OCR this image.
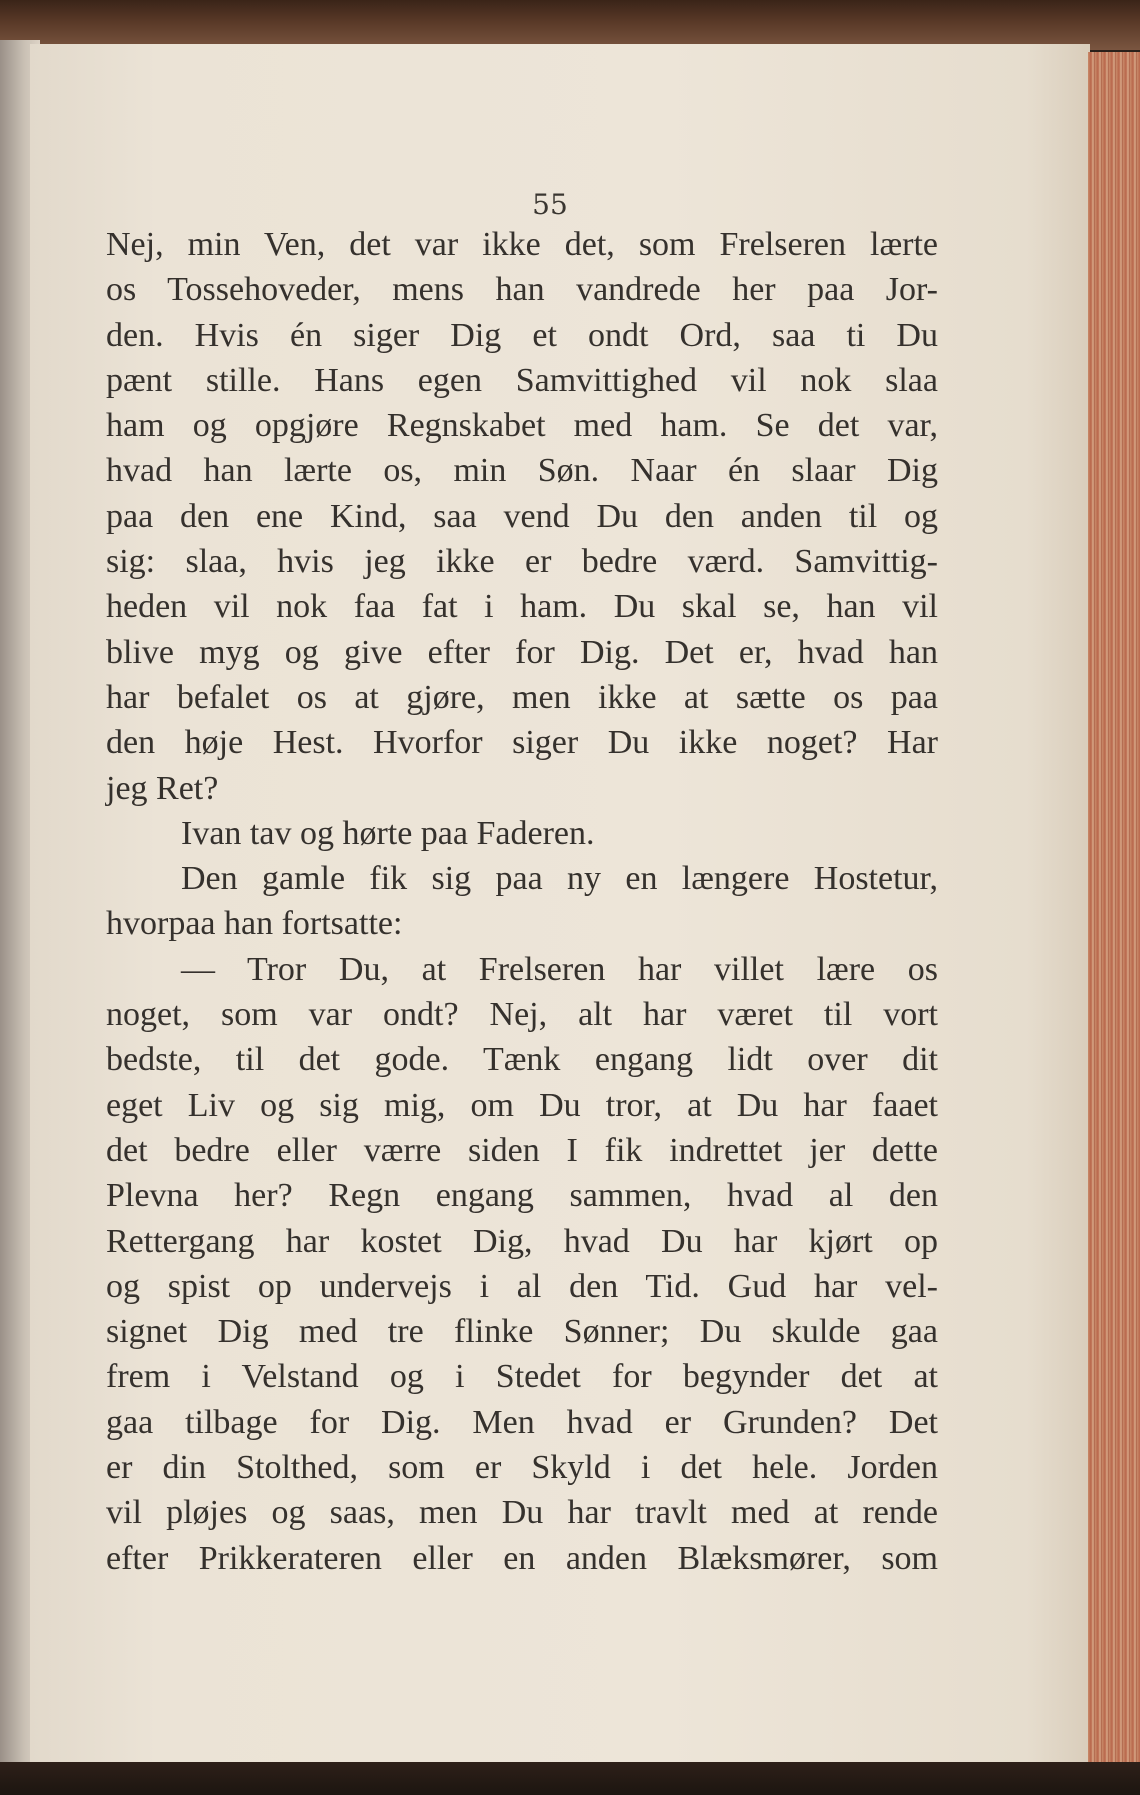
55
Nej, min Ven, det var ikke det, som Frelseren lærte
os Tossehoveder, mens han vandrede her paa Jor-
den. Hvis én siger Dig et ondt Ord, saa ti Du
pænt stille. Hans egen Samvittighed vil nok slaa
ham og opgjøre Regnskabet med ham. Se det var,
hvad han lærte os, min Søn. Naar én slaar Dig
paa den ene Kind, saa vend Du den anden til og
sig: slaa, hvis jeg ikke er bedre værd. Samvittig-
heden vil nok faa fat i ham. Du skal se, han vil
blive myg og give efter for Dig. Det er, hvad han
har befalet os at gjøre, men ikke at sætte os paa
den høje Hest. Hvorfor siger Du ikke noget? Har
jeg Ret?
Ivan tav og hørte paa Faderen.
Den gamle fik sig paa ny en længere Hostetur,
hvorpaa han fortsatte:
— Tror Du, at Frelseren har villet lære os
noget, som var ondt? Nej, alt har været til vort
bedste, til det gode. Tænk engang lidt over dit
eget Liv og sig mig, om Du tror, at Du har faaet
det bedre eller værre siden I fik indrettet jer dette
Plevna her? Regn engang sammen, hvad al den
Rettergang har kostet Dig, hvad Du har kjørt op
og spist op undervejs i al den Tid. Gud har vel-
signet Dig med tre flinke Sønner; Du skulde gaa
frem i Velstand og i Stedet for begynder det at
gaa tilbage for Dig. Men hvad er Grunden? Det
er din Stolthed, som er Skyld i det hele. Jorden
vil pløjes og saas, men Du har travlt med at rende
efter Prikkerateren eller en anden Blæksmører, som
